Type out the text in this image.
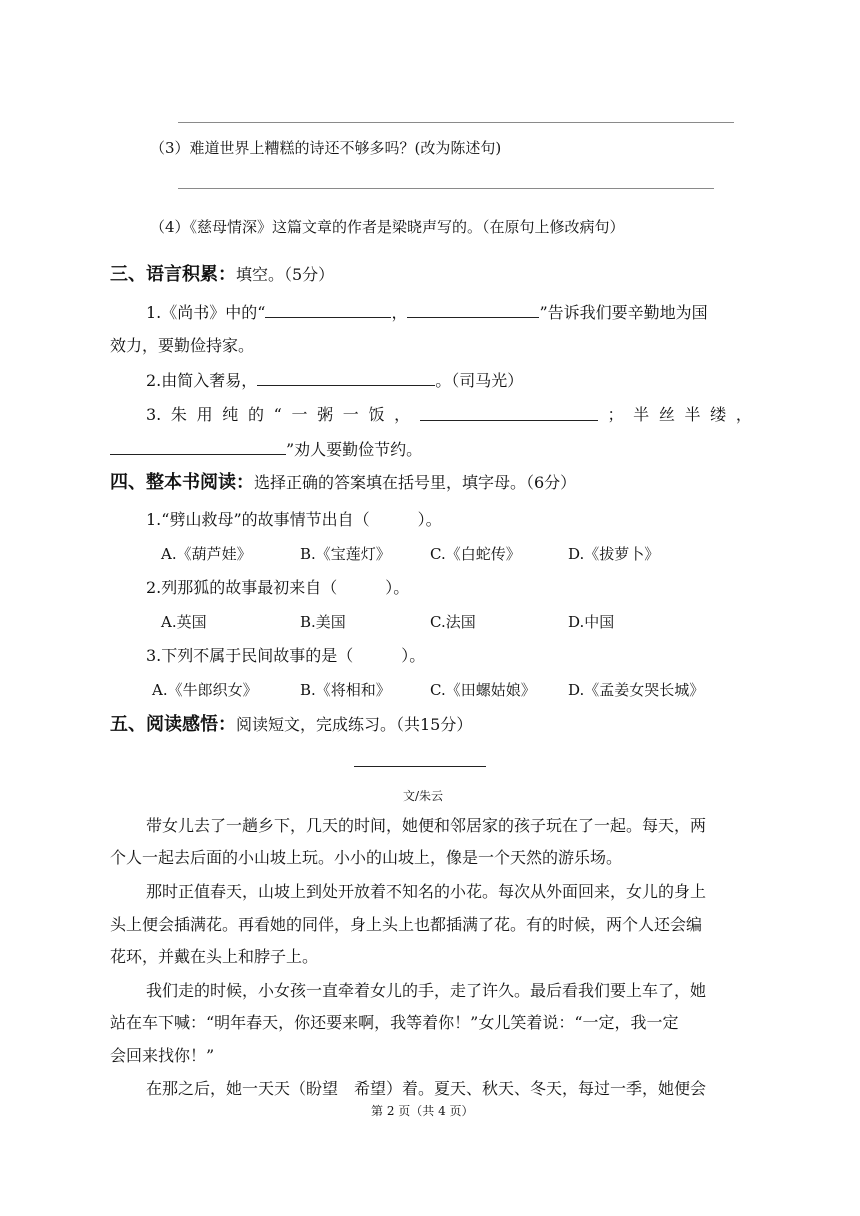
（3）难道世界上糟糕的诗还不够多吗？(改为陈述句)
（4）《慈母情深》这篇文章的作者是梁晓声写的。（在原句上修改病句）
三、语言积累：填空。（5分）
1.《尚书》中的“	，	”告诉我们要辛勤地为国
效力，要勤俭持家。
2.由简入奢易，	。（司马光）
3. 朱 用 纯 的 “ 一 粥 一 饭 ，	； 半 丝 半 缕 ，
”劝人要勤俭节约。
四、整本书阅读：选择正确的答案填在括号里，填字母。（6分）
1.“劈山救母”的故事情节出自（　　　）。
A.《葫芦娃》	B.《宝莲灯》	C.《白蛇传》	D.《拔萝卜》
2.列那狐的故事最初来自（　　　）。
A.英国	B.美国	C.法国	D.中国
3.下列不属于民间故事的是（　　　）。
A.《牛郎织女》	B.《将相和》	C.《田螺姑娘》 D.《孟姜女哭长城》
五、阅读感悟：阅读短文，完成练习。（共15分）
文/朱云
带女儿去了一趟乡下，几天的时间，她便和邻居家的孩子玩在了一起。每天，两
个人一起去后面的小山坡上玩。小小的山坡上，像是一个天然的游乐场。
那时正值春天，山坡上到处开放着不知名的小花。每次从外面回来，女儿的身上
头上便会插满花。再看她的同伴，身上头上也都插满了花。有的时候，两个人还会编
花环，并戴在头上和脖子上。
我们走的时候，小女孩一直牵着女儿的手，走了许久。最后看我们要上车了，她
站在车下喊：“明年春天，你还要来啊，我等着你！”女儿笑着说：“一定，我一定
会回来找你！”
在那之后，她一天天（盼望　希望）着。夏天、秋天、冬天，每过一季，她便会
第 2 页（共 4 页）
